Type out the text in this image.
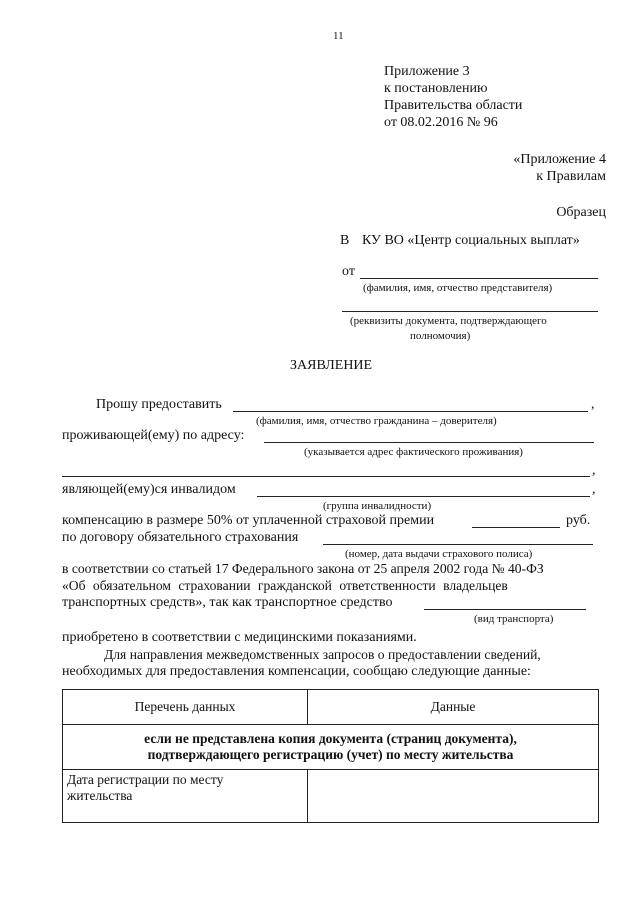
11
Приложение 3
к постановлению
Правительства области
от 08.02.2016 № 96
«Приложение 4
к Правилам
Образец
В КУ ВО «Центр социальных выплат»
от
(фамилия, имя, отчество представителя)
(реквизиты документа, подтверждающего
полномочия)
ЗАЯВЛЕНИЕ
Прошу предоставить	,
(фамилия, имя, отчество гражданина – доверителя)
проживающей(ему) по адресу:
(указывается адрес фактического проживания)
,
являющей(ему)ся инвалидом	,
(группа инвалидности)
компенсацию в размере 50% от уплаченной страховой премии	руб.
по договору обязательного страхования
(номер, дата выдачи страхового полиса)
в соответствии со статьей 17 Федерального закона от 25 апреля 2002 года № 40-ФЗ
«Об обязательном страховании гражданской ответственности владельцев
транспортных средств», так как транспортное средство
(вид транспорта)
приобретено в соответствии с медицинскими показаниями.
Для направления межведомственных запросов о предоставлении сведений,
необходимых для предоставления компенсации, сообщаю следующие данные:
Перечень данных	Данные

если не представлена копия документа (страниц документа),
подтверждающего регистрацию (учет) по месту жительства	

Дата регистрации по месту
жительства	
